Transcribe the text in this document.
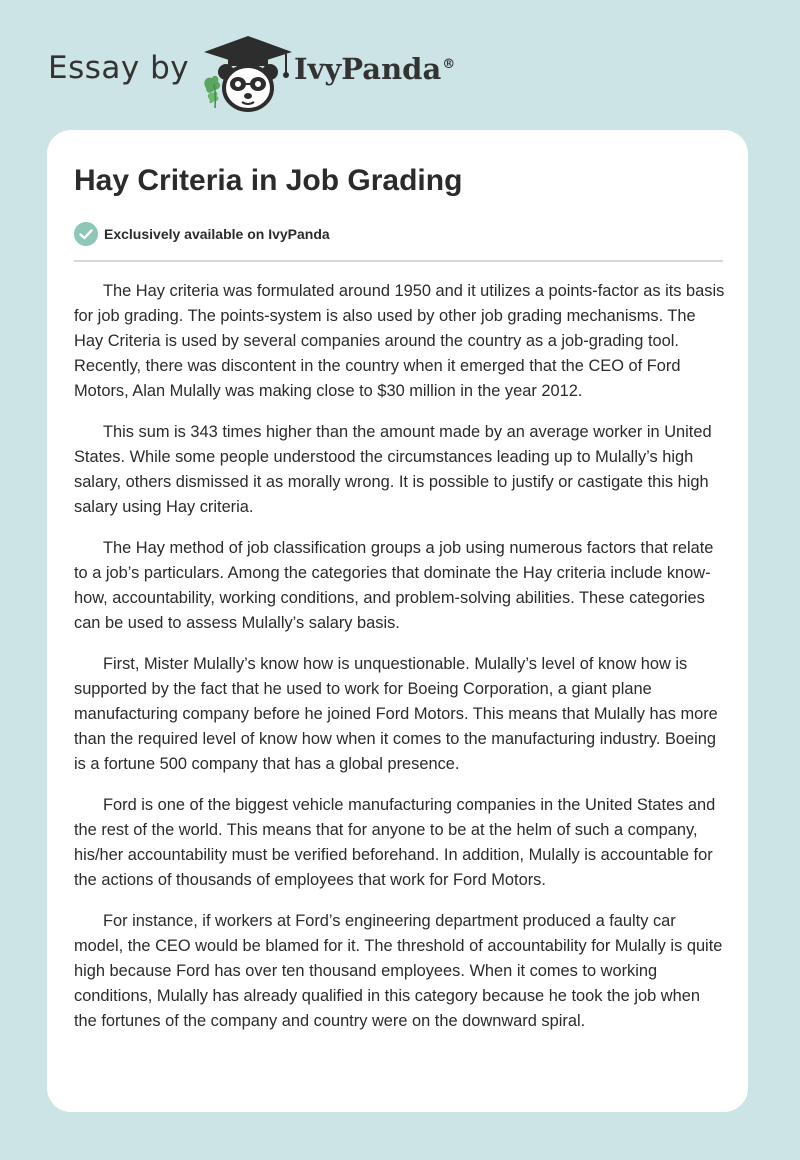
Essay by	IvyPanda®
Hay Criteria in Job Grading
Exclusively available on IvyPanda

The Hay criteria was formulated around 1950 and it utilizes a points-factor as its basis for job grading. The points-system is also used by other job grading mechanisms. The Hay Criteria is used by several companies around the country as a job-grading tool. Recently, there was discontent in the country when it emerged that the CEO of Ford Motors, Alan Mulally was making close to $30 million in the year 2012.

This sum is 343 times higher than the amount made by an average worker in United States. While some people understood the circumstances leading up to Mulally’s high salary, others dismissed it as morally wrong. It is possible to justify or castigate this high salary using Hay criteria.

The Hay method of job classification groups a job using numerous factors that relate to a job’s particulars. Among the categories that dominate the Hay criteria include know-how, accountability, working conditions, and problem-solving abilities. These categories can be used to assess Mulally’s salary basis.

First, Mister Mulally’s know how is unquestionable. Mulally’s level of know how is supported by the fact that he used to work for Boeing Corporation, a giant plane manufacturing company before he joined Ford Motors. This means that Mulally has more than the required level of know how when it comes to the manufacturing industry. Boeing is a fortune 500 company that has a global presence.

Ford is one of the biggest vehicle manufacturing companies in the United States and the rest of the world. This means that for anyone to be at the helm of such a company, his/her accountability must be verified beforehand. In addition, Mulally is accountable for the actions of thousands of employees that work for Ford Motors.

For instance, if workers at Ford’s engineering department produced a faulty car model, the CEO would be blamed for it. The threshold of accountability for Mulally is quite high because Ford has over ten thousand employees. When it comes to working conditions, Mulally has already qualified in this category because he took the job when the fortunes of the company and country were on the downward spiral.
